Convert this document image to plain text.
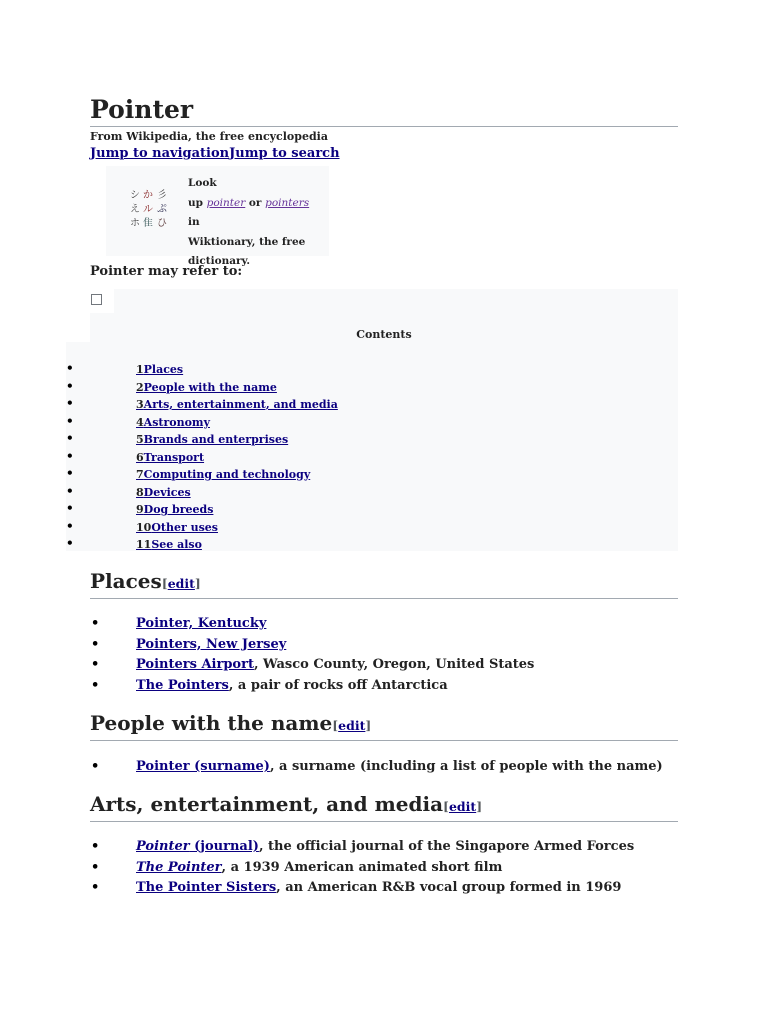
Pointer
From Wikipedia, the free encyclopedia
Jump to navigationJump to search
シ か 彡
え ル ぷ
ホ 隹 ひ
Look
up pointer or pointers in
Wiktionary, the free dictionary.
Pointer may refer to:
Contents
•	1Places
•	2People with the name
•	3Arts, entertainment, and media
•	4Astronomy
•	5Brands and enterprises
•	6Transport
•	7Computing and technology
•	8Devices
•	9Dog breeds
•	10Other uses
•	11See also
Places[edit]
•	Pointer, Kentucky
•	Pointers, New Jersey
•	Pointers Airport, Wasco County, Oregon, United States
•	The Pointers, a pair of rocks off Antarctica
People with the name[edit]
•	Pointer (surname), a surname (including a list of people with the name)
Arts, entertainment, and media[edit]
•	Pointer (journal), the official journal of the Singapore Armed Forces
•	The Pointer, a 1939 American animated short film
•	The Pointer Sisters, an American R&B vocal group formed in 1969
